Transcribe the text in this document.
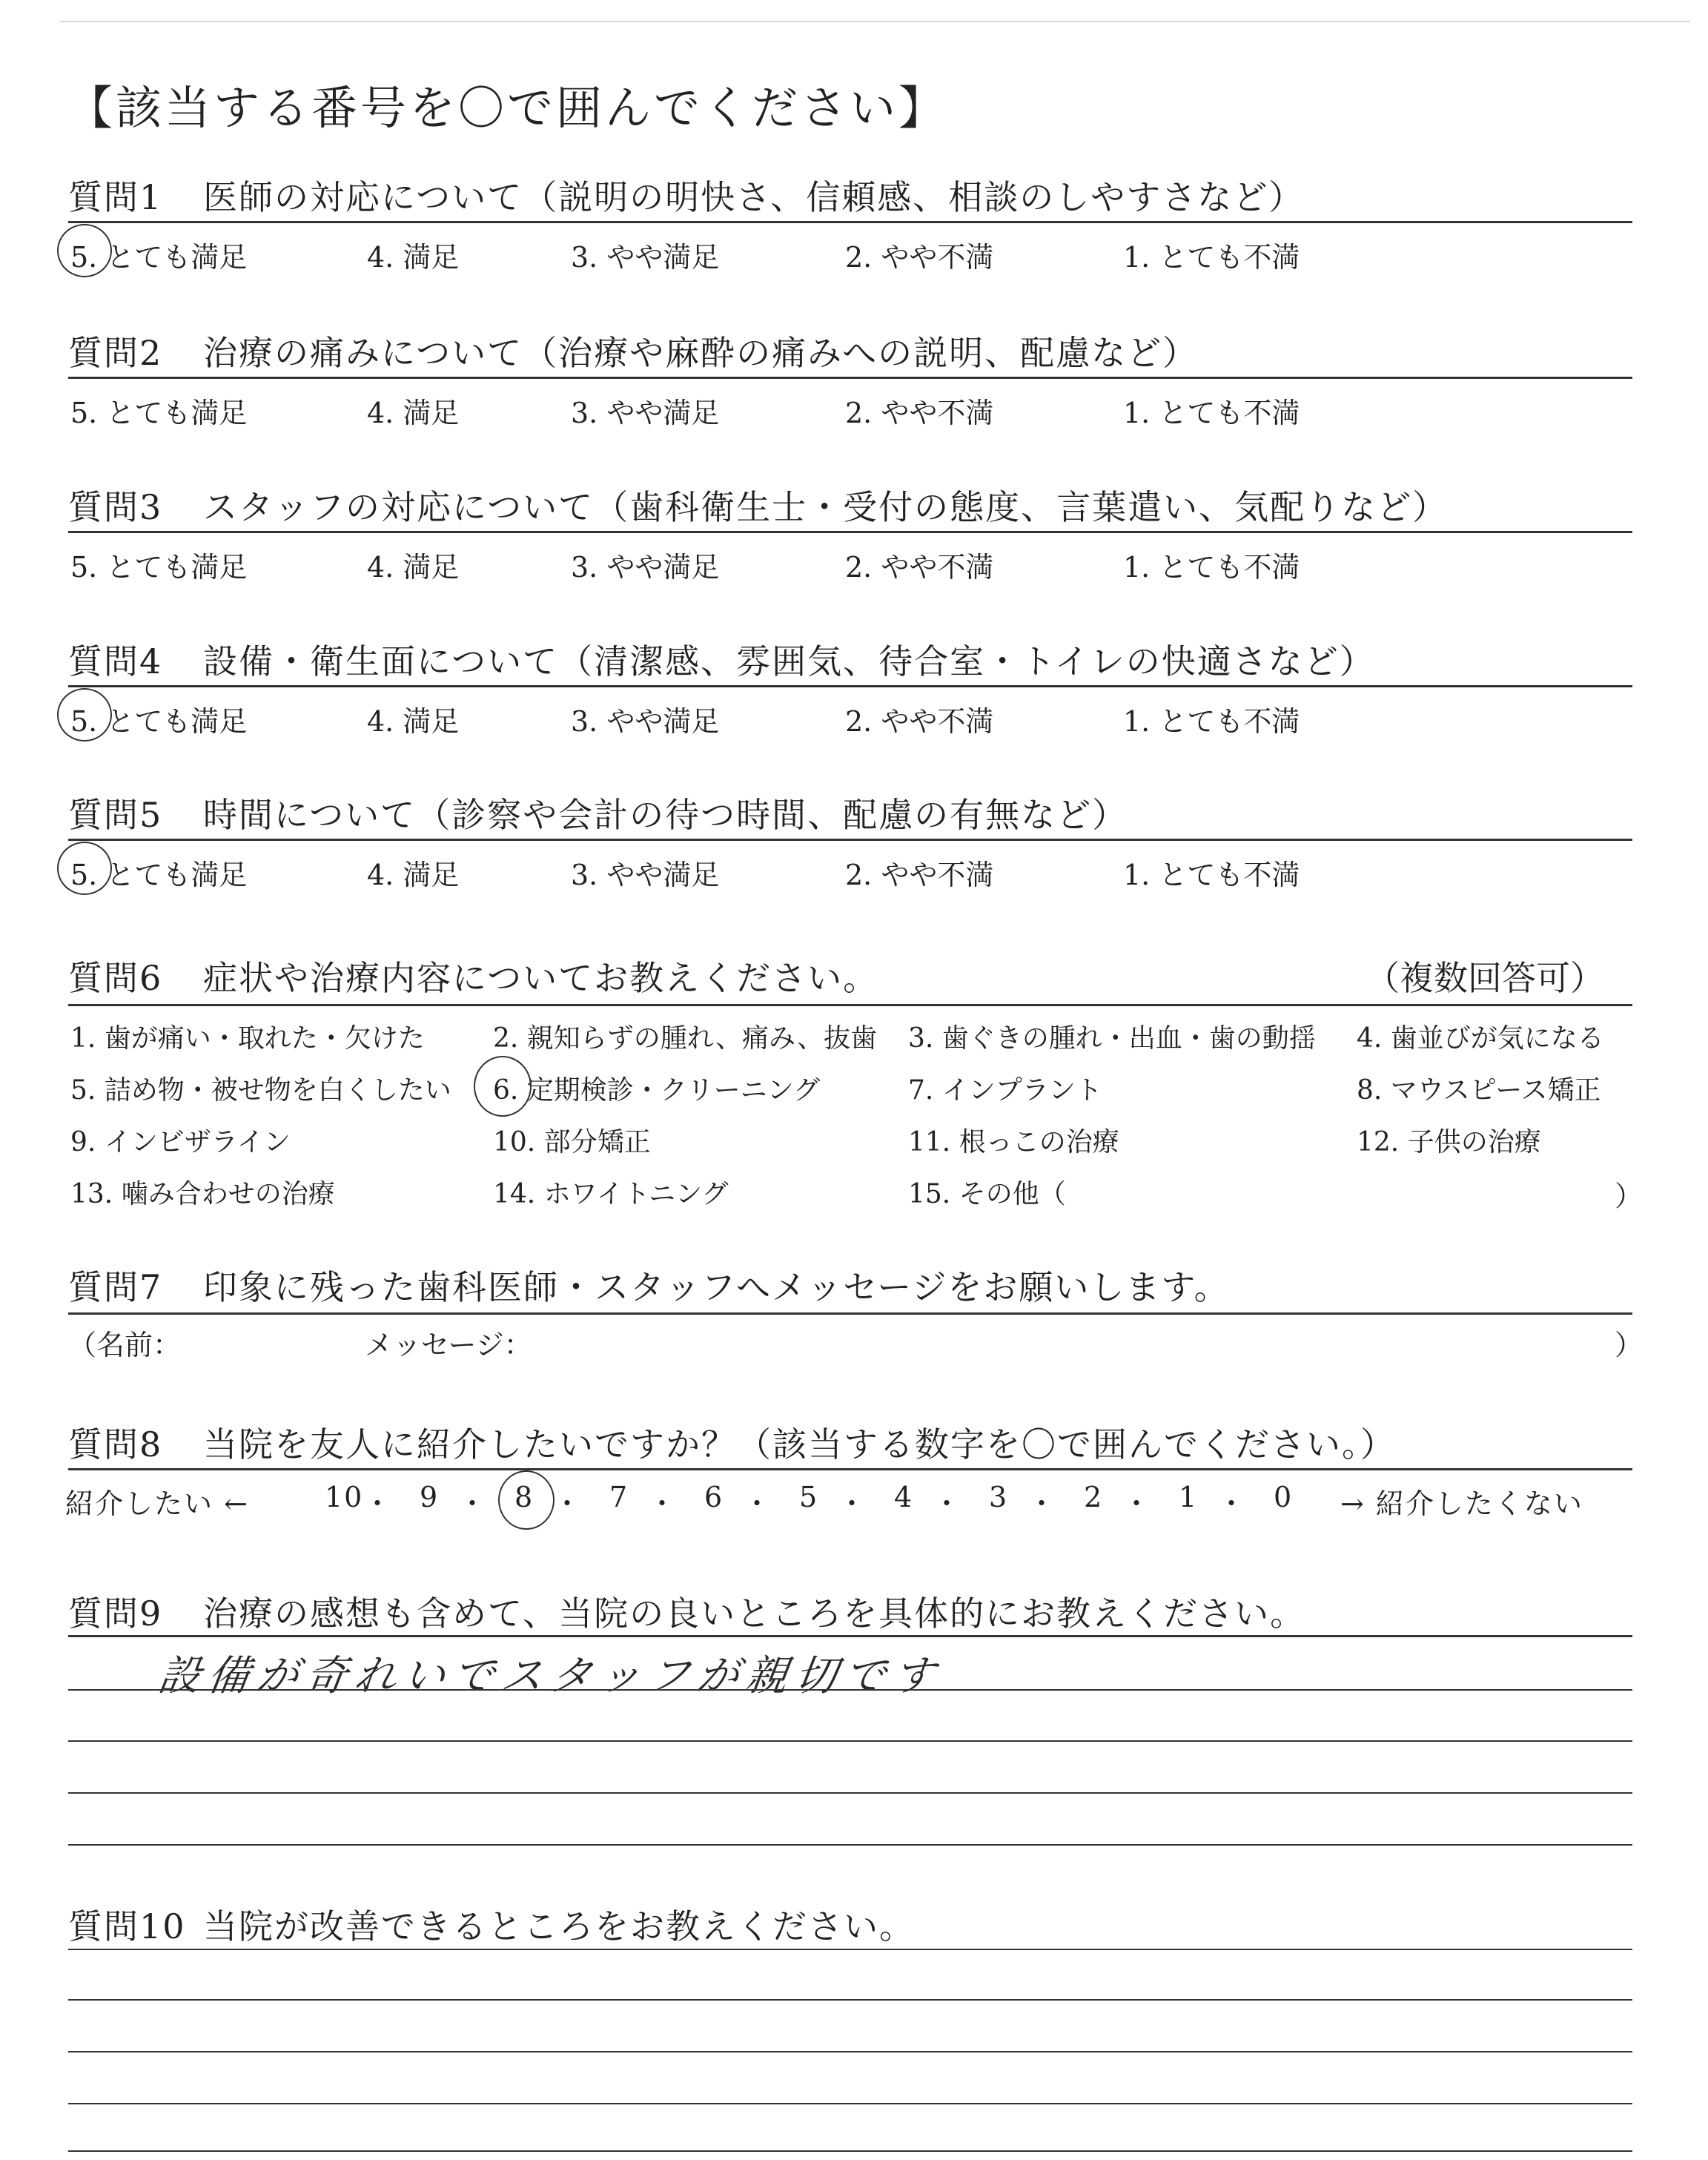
【該当する番号を〇で囲んでください】
質問1 医師の対応について（説明の明快さ、信頼感、相談のしやすさなど）
5. とても満足	4. 満足	3. やや満足	2. やや不満	1. とても不満
質問2 治療の痛みについて（治療や麻酔の痛みへの説明、配慮など）
5. とても満足	4. 満足	3. やや満足	2. やや不満	1. とても不満
質問3 スタッフの対応について（歯科衛生士・受付の態度、言葉遣い、気配りなど）
5. とても満足	4. 満足	3. やや満足	2. やや不満	1. とても不満
質問4 設備・衛生面について（清潔感、雰囲気、待合室・トイレの快適さなど）
5. とても満足	4. 満足	3. やや満足	2. やや不満	1. とても不満
質問5 時間について（診察や会計の待つ時間、配慮の有無など）
5. とても満足	4. 満足	3. やや満足	2. やや不満	1. とても不満
質問6 症状や治療内容についてお教えください。	（複数回答可）
1. 歯が痛い・取れた・欠けた	2. 親知らずの腫れ、痛み、抜歯 3. 歯ぐきの腫れ・出血・歯の動揺 4. 歯並びが気になる
5. 詰め物・被せ物を白くしたい 6. 定期検診・クリーニング	7. インプラント	8. マウスピース矯正
9. インビザライン	10. 部分矯正	11. 根っこの治療	12. 子供の治療
13. 噛み合わせの治療	14. ホワイトニング	15. その他（	）
質問7 印象に残った歯科医師・スタッフへメッセージをお願いします。
（名前：	メッセージ：	）
質問8 当院を友人に紹介したいですか？（該当する数字を〇で囲んでください。）
紹介したい ←	10 ・ 9 ・ 8 ・ 7 ・ 6 ・ 5 ・ 4 ・ 3 ・ 2 ・ 1 ・ 0 → 紹介したくない
質問9 治療の感想も含めて、当院の良いところを具体的にお教えください。
設備が奇れいでスタッフが親切です
質問10 当院が改善できるところをお教えください。
